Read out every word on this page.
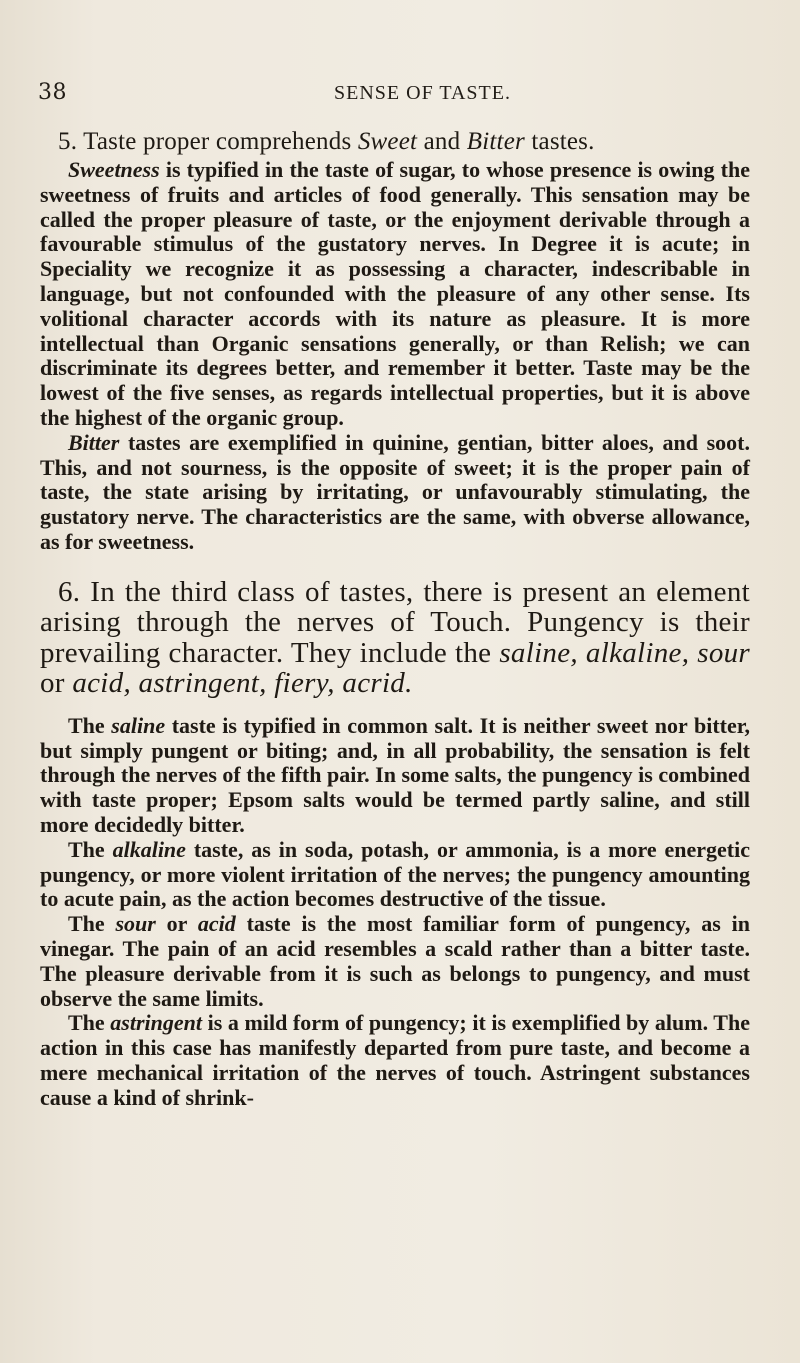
38	SENSE OF TASTE.

5. Taste proper comprehends Sweet and Bitter tastes.

Sweetness is typified in the taste of sugar, to whose presence is owing the sweetness of fruits and articles of food generally. This sensation may be called the proper pleasure of taste, or the enjoyment derivable through a favourable stimulus of the gustatory nerves. In Degree it is acute; in Speciality we recognize it as possessing a character, indescribable in language, but not confounded with the pleasure of any other sense. Its volitional character accords with its nature as pleasure. It is more intellectual than Organic sensations generally, or than Relish; we can discriminate its degrees better, and remember it better. Taste may be the lowest of the five senses, as regards intellectual properties, but it is above the highest of the organic group.

Bitter tastes are exemplified in quinine, gentian, bitter aloes, and soot. This, and not sourness, is the opposite of sweet; it is the proper pain of taste, the state arising by irritating, or unfavourably stimulating, the gustatory nerve. The characteristics are the same, with obverse allowance, as for sweetness.

6. In the third class of tastes, there is present an element arising through the nerves of Touch. Pungency is their prevailing character. They include the saline, alkaline, sour or acid, astringent, fiery, acrid.

The saline taste is typified in common salt. It is neither sweet nor bitter, but simply pungent or biting; and, in all probability, the sensation is felt through the nerves of the fifth pair. In some salts, the pungency is combined with taste proper; Epsom salts would be termed partly saline, and still more decidedly bitter.

The alkaline taste, as in soda, potash, or ammonia, is a more energetic pungency, or more violent irritation of the nerves; the pungency amounting to acute pain, as the action becomes destructive of the tissue.

The sour or acid taste is the most familiar form of pungency, as in vinegar. The pain of an acid resembles a scald rather than a bitter taste. The pleasure derivable from it is such as belongs to pungency, and must observe the same limits.

The astringent is a mild form of pungency; it is exemplified by alum. The action in this case has manifestly departed from pure taste, and become a mere mechanical irritation of the nerves of touch. Astringent substances cause a kind of shrink-
